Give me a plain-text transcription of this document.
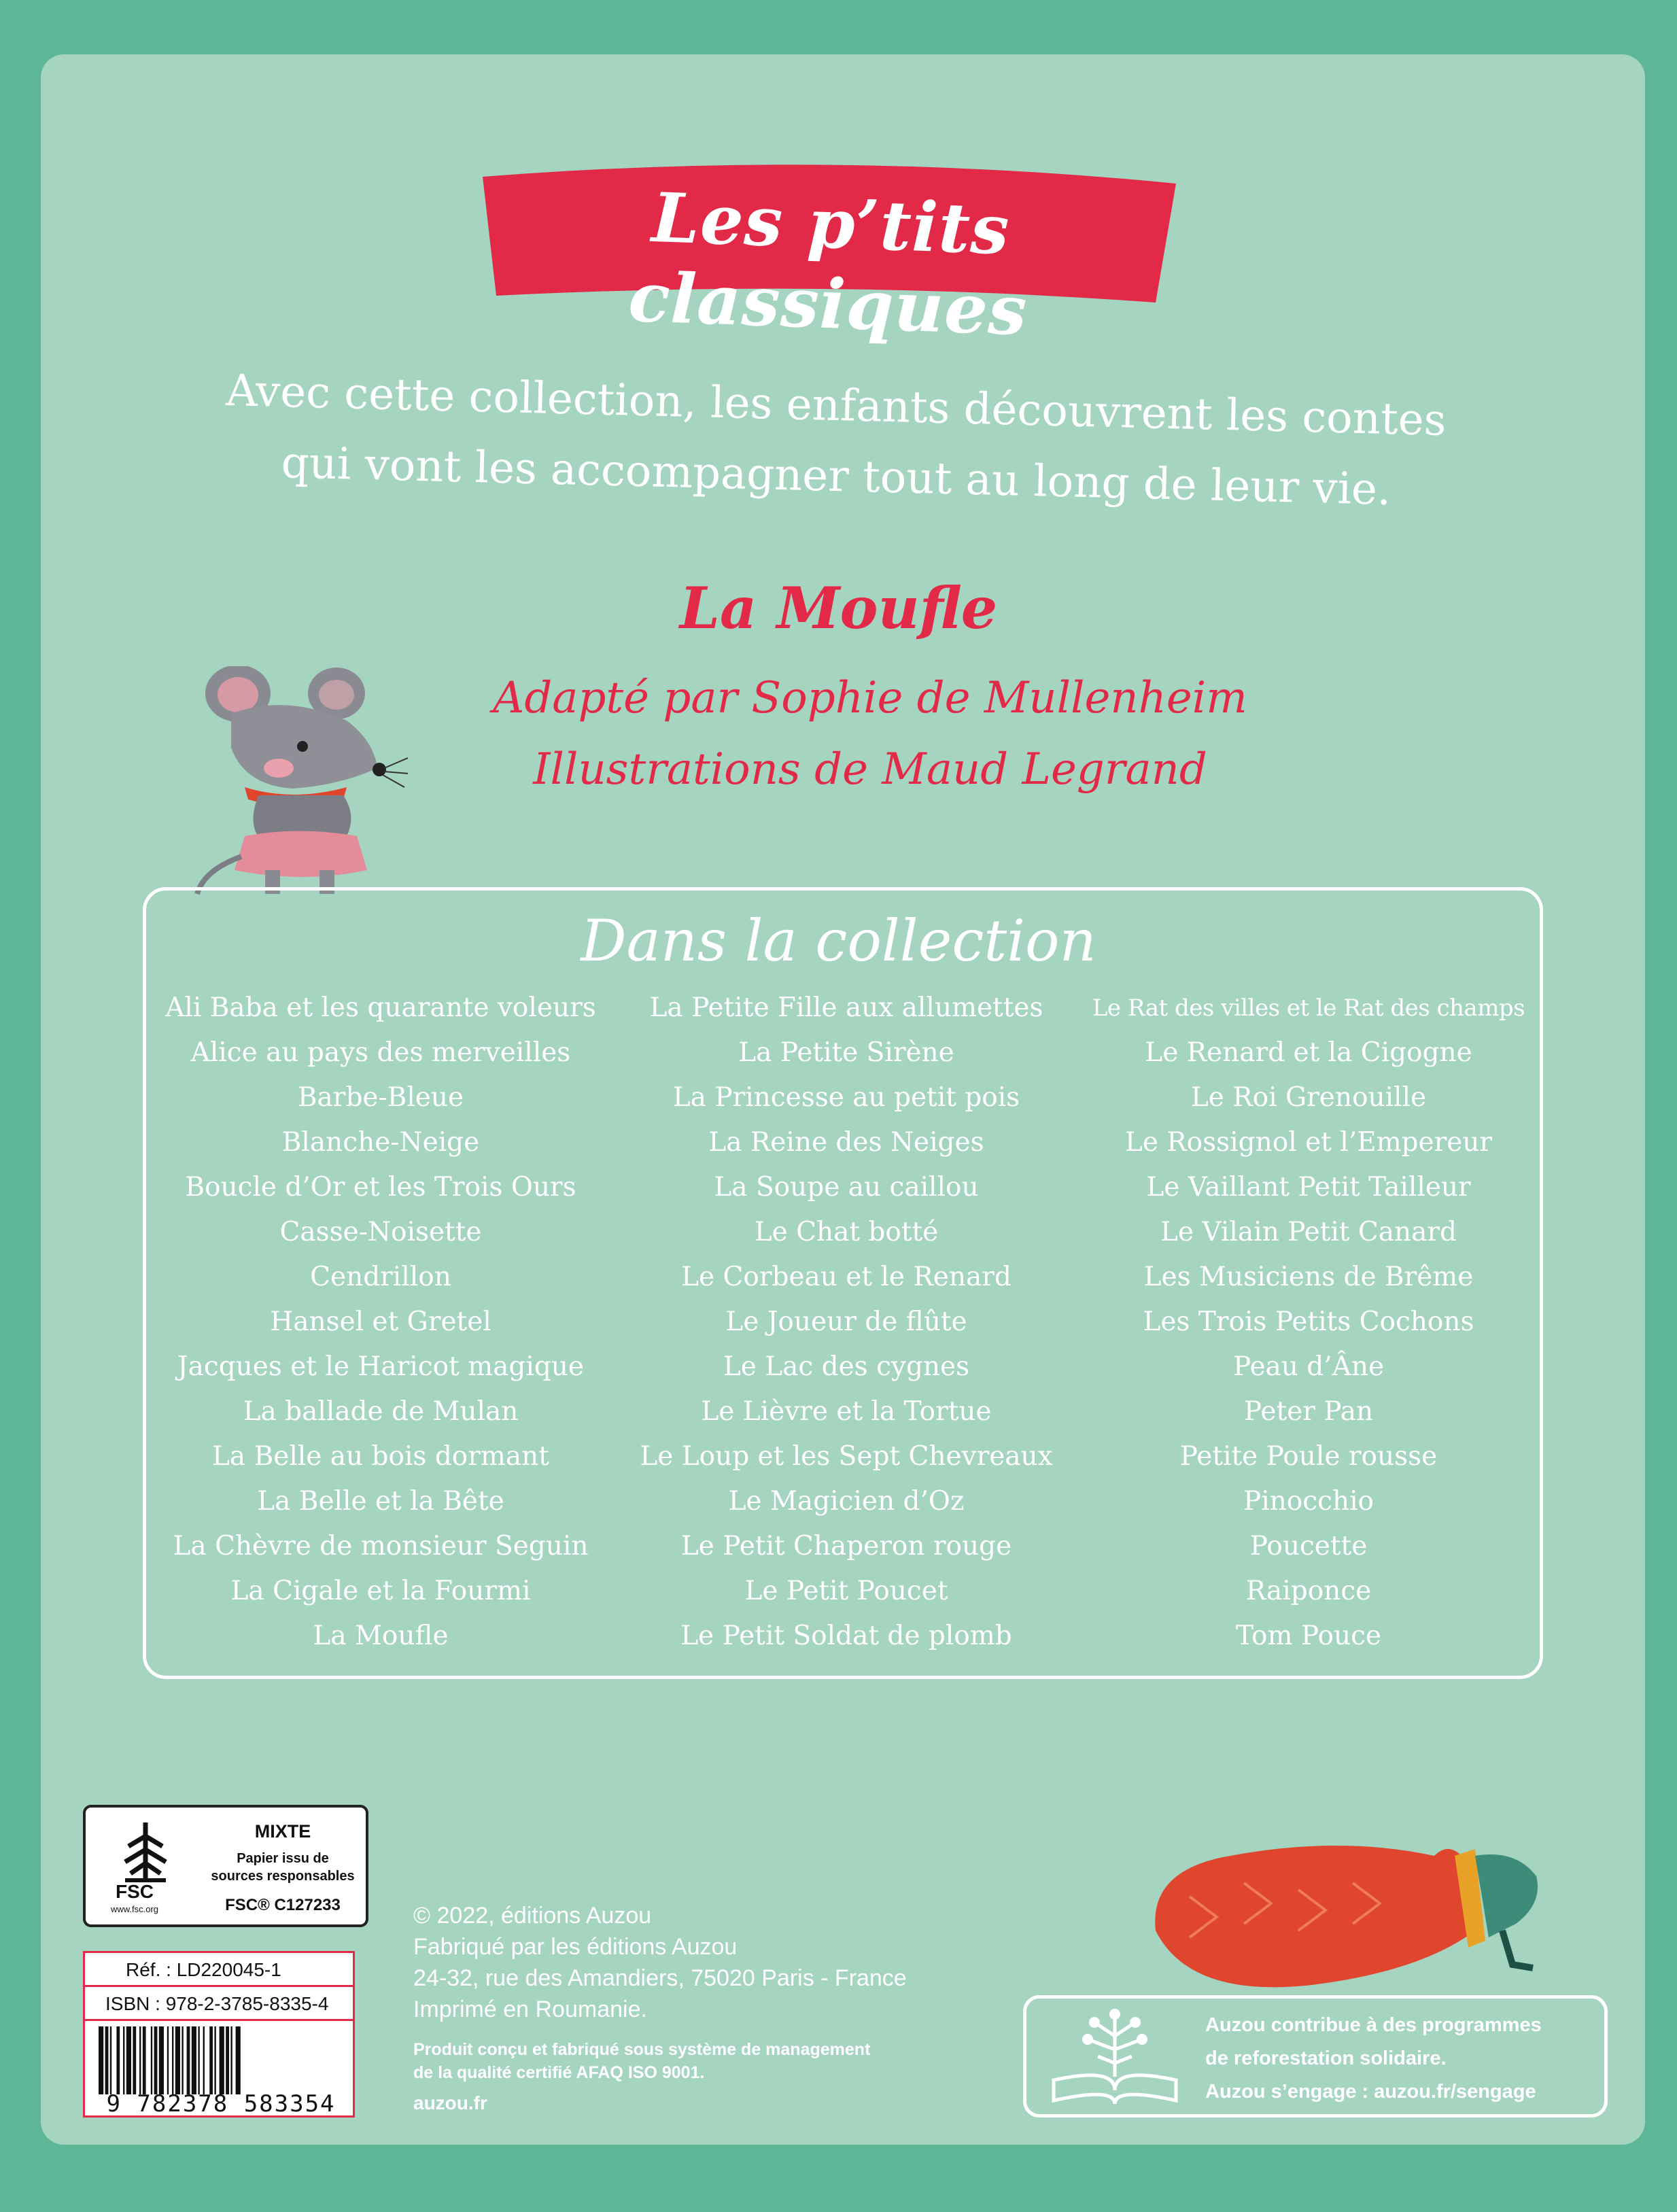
Les p’tits classiques
Avec cette collection, les enfants découvrent les contes
qui vont les accompagner tout au long de leur vie.
La Moufle
Adapté par Sophie de Mullenheim
Illustrations de Maud Legrand
Dans la collection
Ali Baba et les quarante voleurs
Alice au pays des merveilles
Barbe-Bleue
Blanche-Neige
Boucle d’Or et les Trois Ours
Casse-Noisette
Cendrillon
Hansel et Gretel
Jacques et le Haricot magique
La ballade de Mulan
La Belle au bois dormant
La Belle et la Bête
La Chèvre de monsieur Seguin
La Cigale et la Fourmi
La Moufle
La Petite Fille aux allumettes
La Petite Sirène
La Princesse au petit pois
La Reine des Neiges
La Soupe au caillou
Le Chat botté
Le Corbeau et le Renard
Le Joueur de flûte
Le Lac des cygnes
Le Lièvre et la Tortue
Le Loup et les Sept Chevreaux
Le Magicien d’Oz
Le Petit Chaperon rouge
Le Petit Poucet
Le Petit Soldat de plomb
Le Rat des villes et le Rat des champs
Le Renard et la Cigogne
Le Roi Grenouille
Le Rossignol et l’Empereur
Le Vaillant Petit Tailleur
Le Vilain Petit Canard
Les Musiciens de Brême
Les Trois Petits Cochons
Peau d’Âne
Peter Pan
Petite Poule rousse
Pinocchio
Poucette
Raiponce
Tom Pouce
FSC
www.fsc.org
MIXTE
Papier issu de
sources responsables
FSC® C127233
Réf. : LD220045-1
ISBN : 978-2-3785-8335-4
9 782378 583354
© 2022, éditions Auzou
Fabriqué par les éditions Auzou
24-32, rue des Amandiers, 75020 Paris - France
Imprimé en Roumanie.
Produit conçu et fabriqué sous système de management
de la qualité certifié AFAQ ISO 9001.
auzou.fr
Auzou contribue à des programmes
de reforestation solidaire.
Auzou s’engage : auzou.fr/sengage
